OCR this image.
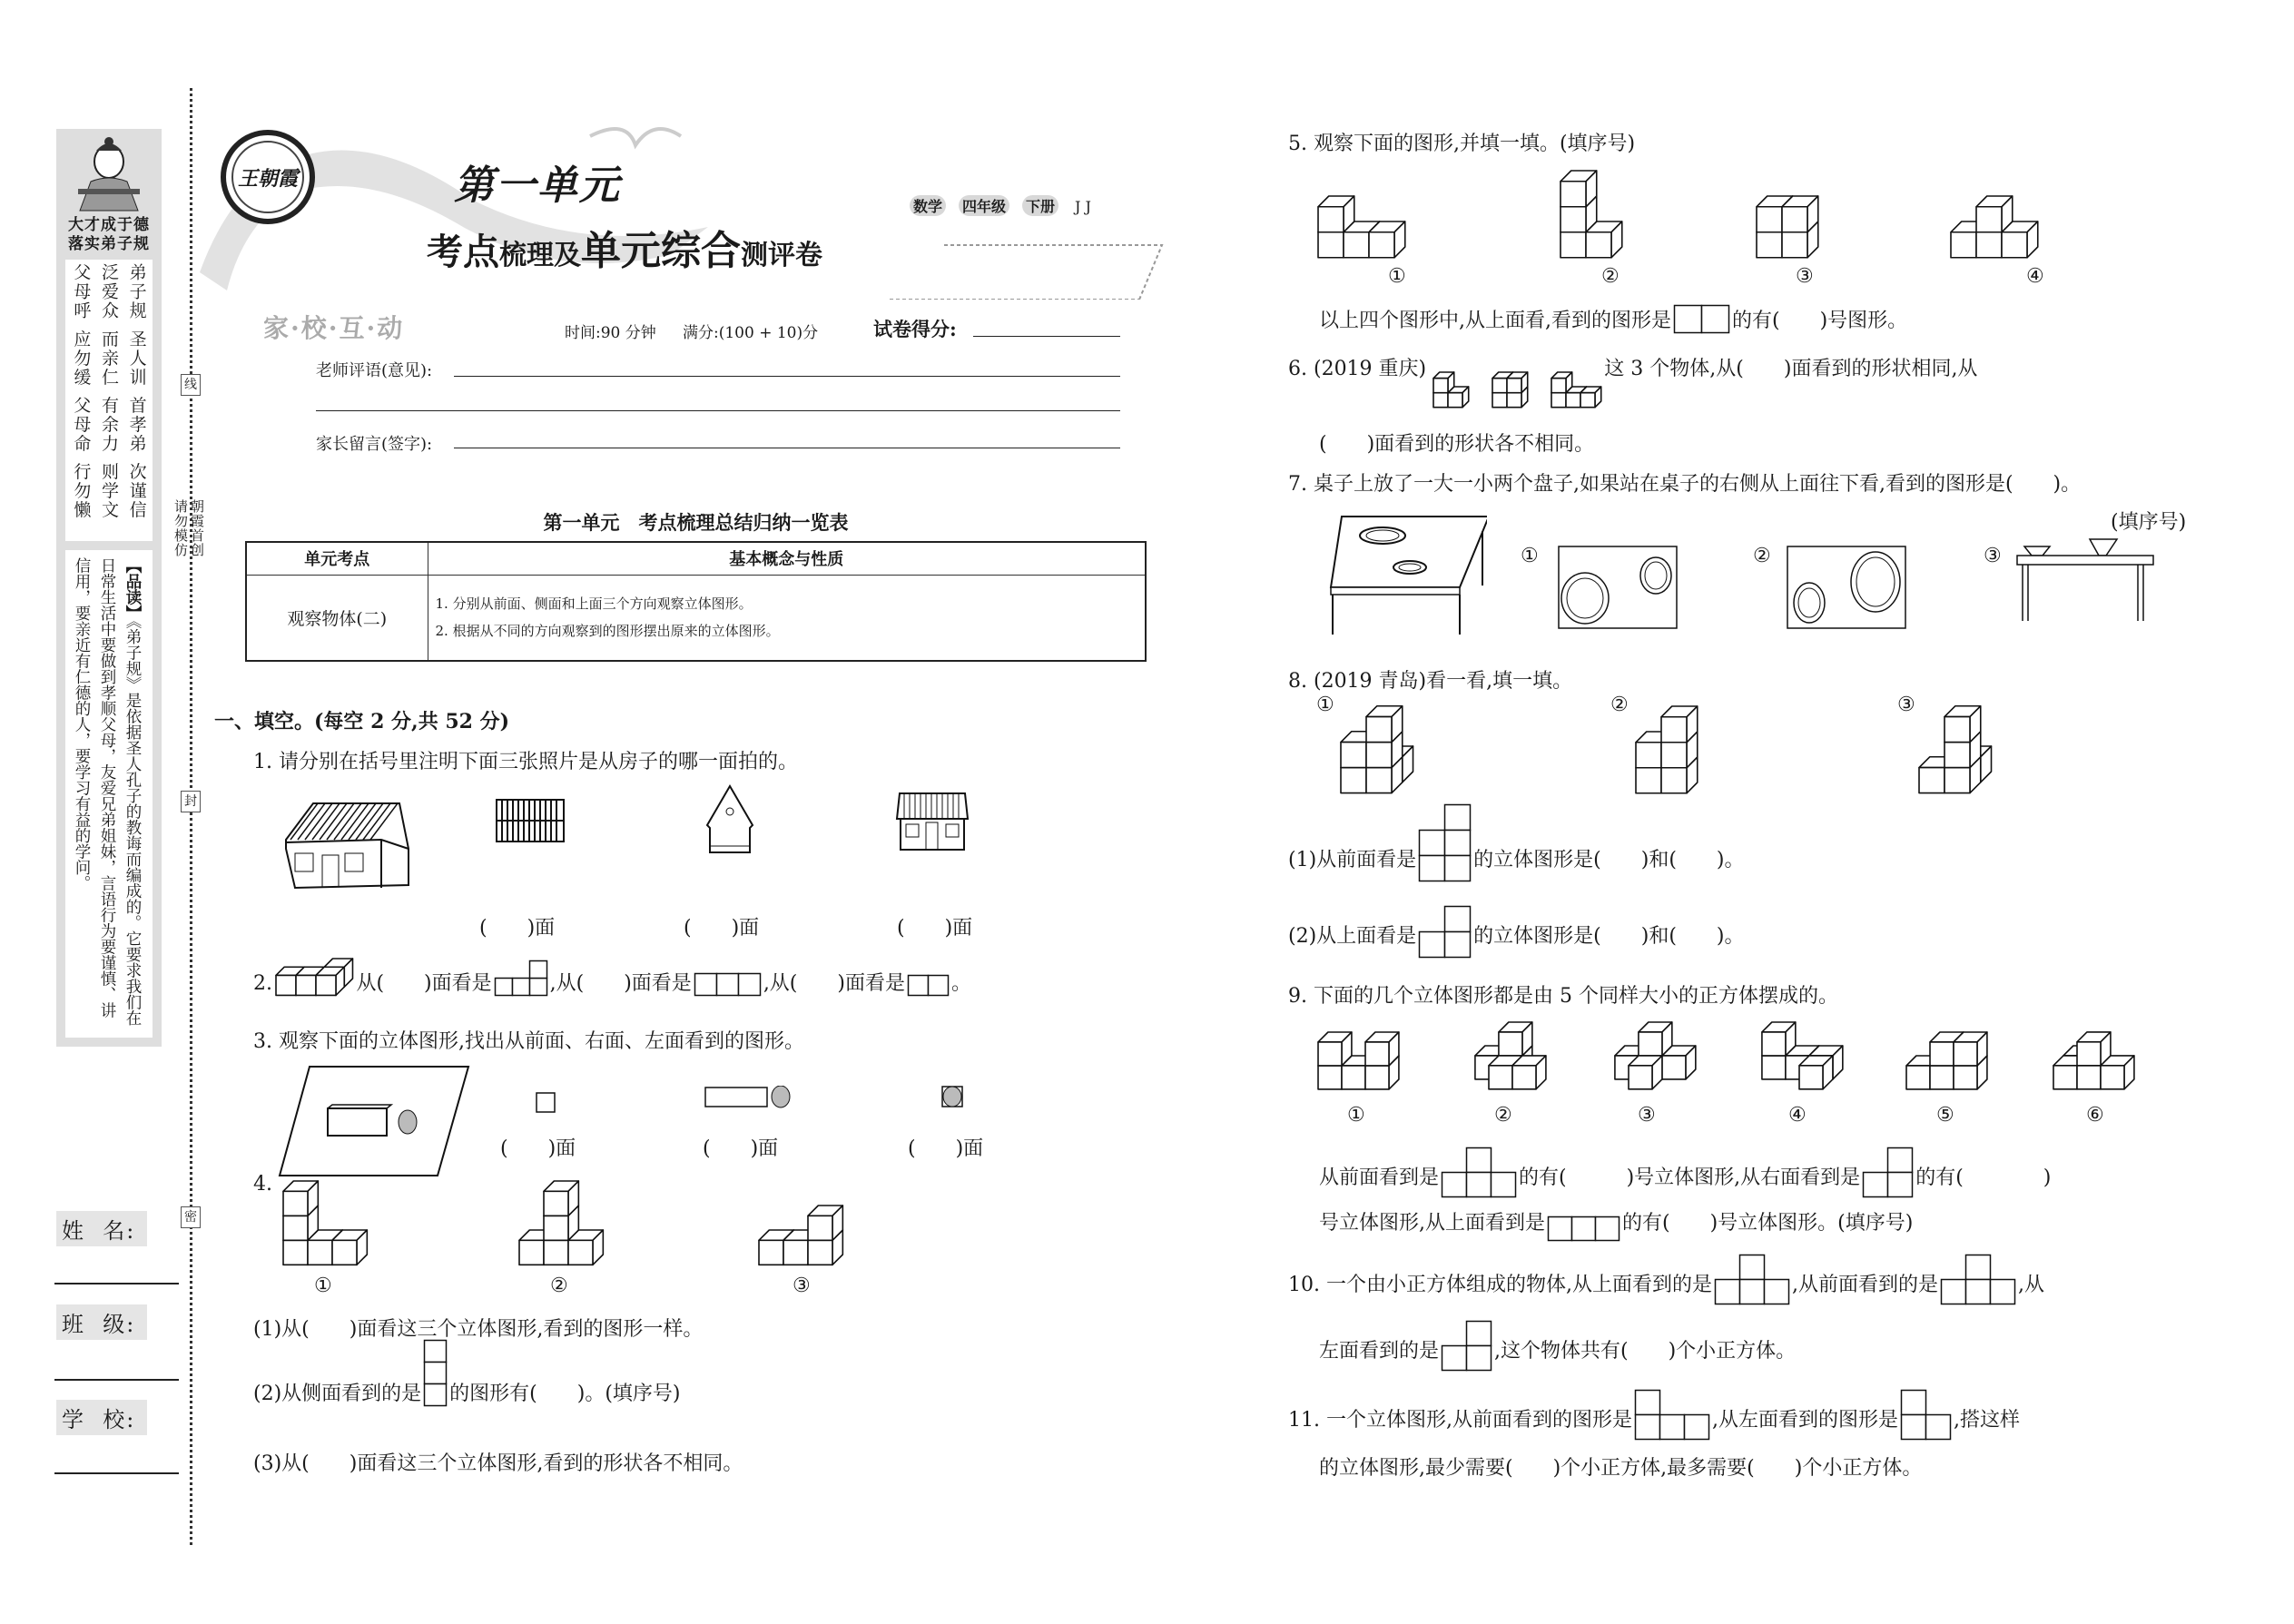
大才成于德
落实弟子规
弟子规 圣人训 首孝弟 次谨信
泛爱众 而亲仁 有余力 则学文
父母呼 应勿缓 父母命 行勿懒
【品读】《弟子规》是依据圣人孔子的教诲而编成的。它要求我们在日常生活中要做到孝顺父母，友爱兄弟姐妹，言语行为要谨慎、讲信用，要亲近有仁德的人，要学习有益的学问。
线
封
密
朝霞首创
请勿模仿
姓  名:
班  级:
学  校:
王朝霞	第一单元
考点梳理及单元综合测评卷
数学 四年级 下册 J J
家·校·互·动	时间:90 分钟 满分:(100 + 10)分	试卷得分:
老师评语(意见):
家长留言(签字):
第一单元　考点梳理总结归纳一览表
单元考点	基本概念与性质
观察物体(二)	1. 分别从前面、侧面和上面三个方向观察立体图形。
2. 根据从不同的方向观察到的图形摆出原来的立体图形。
一、填空。(每空 2 分,共 52 分)
1. 请分别在括号里注明下面三张照片是从房子的哪一面拍的。
(　　)面	(　　)面	(　　)面
2.	从(　　)面看是	,从(　　)面看是	,从(　　)面看是 。
3. 观察下面的立体图形,找出从前面、右面、左面看到的图形。
(　　)面	(　　)面	(　　)面
4.
①	②	③
(1)从(　　)面看这三个立体图形,看到的图形一样。
(2)从侧面看到的是 的图形有(　　)。(填序号)
(3)从(　　)面看这三个立体图形,看到的形状各不相同。
5. 观察下面的图形,并填一填。(填序号)
①	②	③	④
以上四个图形中,从上面看,看到的图形是	的有(　　)号图形。
6. (2019 重庆)	这 3 个物体,从(　　)面看到的形状相同,从
(　　)面看到的形状各不相同。
7. 桌子上放了一大一小两个盘子,如果站在桌子的右侧从上面往下看,看到的图形是(　　)。
(填序号)
①	②	③
8. (2019 青岛)看一看,填一填。
①	②	③
(1)从前面看是	的立体图形是(　　)和(　　)。
(2)从上面看是	的立体图形是(　　)和(　　)。
9. 下面的几个立体图形都是由 5 个同样大小的正方体摆成的。
①	②	③	④	⑤	⑥
从前面看到是	的有(　　　)号立体图形,从右面看到是	的有(　　　　)
号立体图形,从上面看到是	的有(　　)号立体图形。(填序号)
10. 一个由小正方体组成的物体,从上面看到的是	,从前面看到的是	,从
左面看到的是	,这个物体共有(　　)个小正方体。
11. 一个立体图形,从前面看到的图形是	,从左面看到的图形是	,搭这样
的立体图形,最少需要(　　)个小正方体,最多需要(　　)个小正方体。
